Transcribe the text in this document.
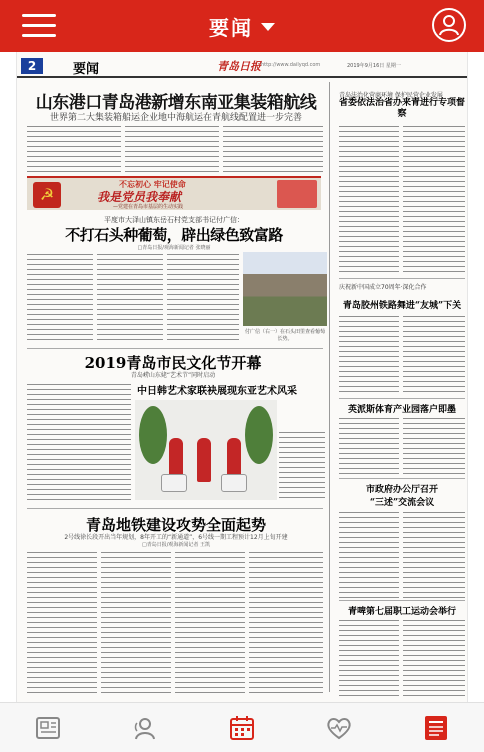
要闻
2	要闻	青岛日报 http://www.dailyqd.com	2019年9月16日 星期一
山东港口青岛港新增东南亚集装箱航线
世界第二大集装箱船运企业地中海航运在青航线配置进一步完善
☭
不忘初心 牢记使命
我是党员我奉献
—党建在青岛市基层的生动实践
平度市大泽山镇东岳石村党支部书记付广信：
不打石头种葡萄，辟出绿色致富路
□青岛日报/观海新闻记者 张晓丽
付广信（右一）在石头田里查看葡萄长势。
2019青岛市民文化节开幕
青岛崂山东姥“艺术节”同时启动
中日韩艺术家联袂展现东亚艺术风采
青岛地铁建设攻势全面起势
2号线徐长段开出当年规划，8年开工的“新通道”，6号线一期工程预计12月上旬开建
□青岛日报/观海新闻记者 王凯
青岛法治化营商环境 保护民营企业发展
省委依法治省办来青进行专项督察
庆祝新中国成立70周年·深化合作
青岛胶州铁路舞进“友城”下关
英派斯体育产业园落户即墨
市政府办公厅召开
“三述”交流会议
青啤第七届职工运动会举行
